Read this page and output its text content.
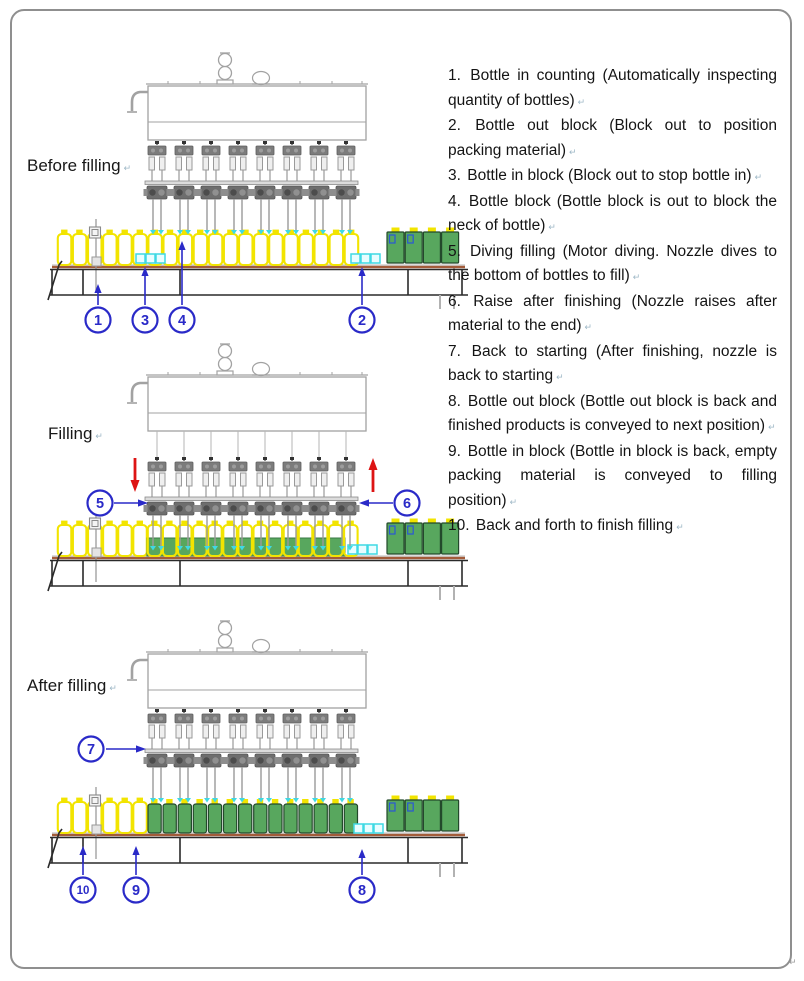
Before filling ↵
Filling ↵
After filling ↵
1	3 4	2
5	6
7
10	9	8

1. Bottle in counting (Automatically inspecting quantity of bottles) ↵

2. Bottle out block (Block out to position packing material) ↵

3. Bottle in block (Block out to stop bottle in) ↵

4. Bottle block (Bottle block is out to block the neck of bottle) ↵

5. Diving filling (Motor diving. Nozzle dives to the bottom of bottles to fill) ↵

6. Raise after finishing (Nozzle raises after material to the end) ↵

7. Back to starting (After finishing, nozzle is back to starting ↵

8. Bottle out block (Bottle out block is back and finished products is conveyed to next position) ↵

9. Bottle in block (Bottle in block is back, empty packing material is conveyed to filling position) ↵

10. Back and forth to finish filling ↵

↵
